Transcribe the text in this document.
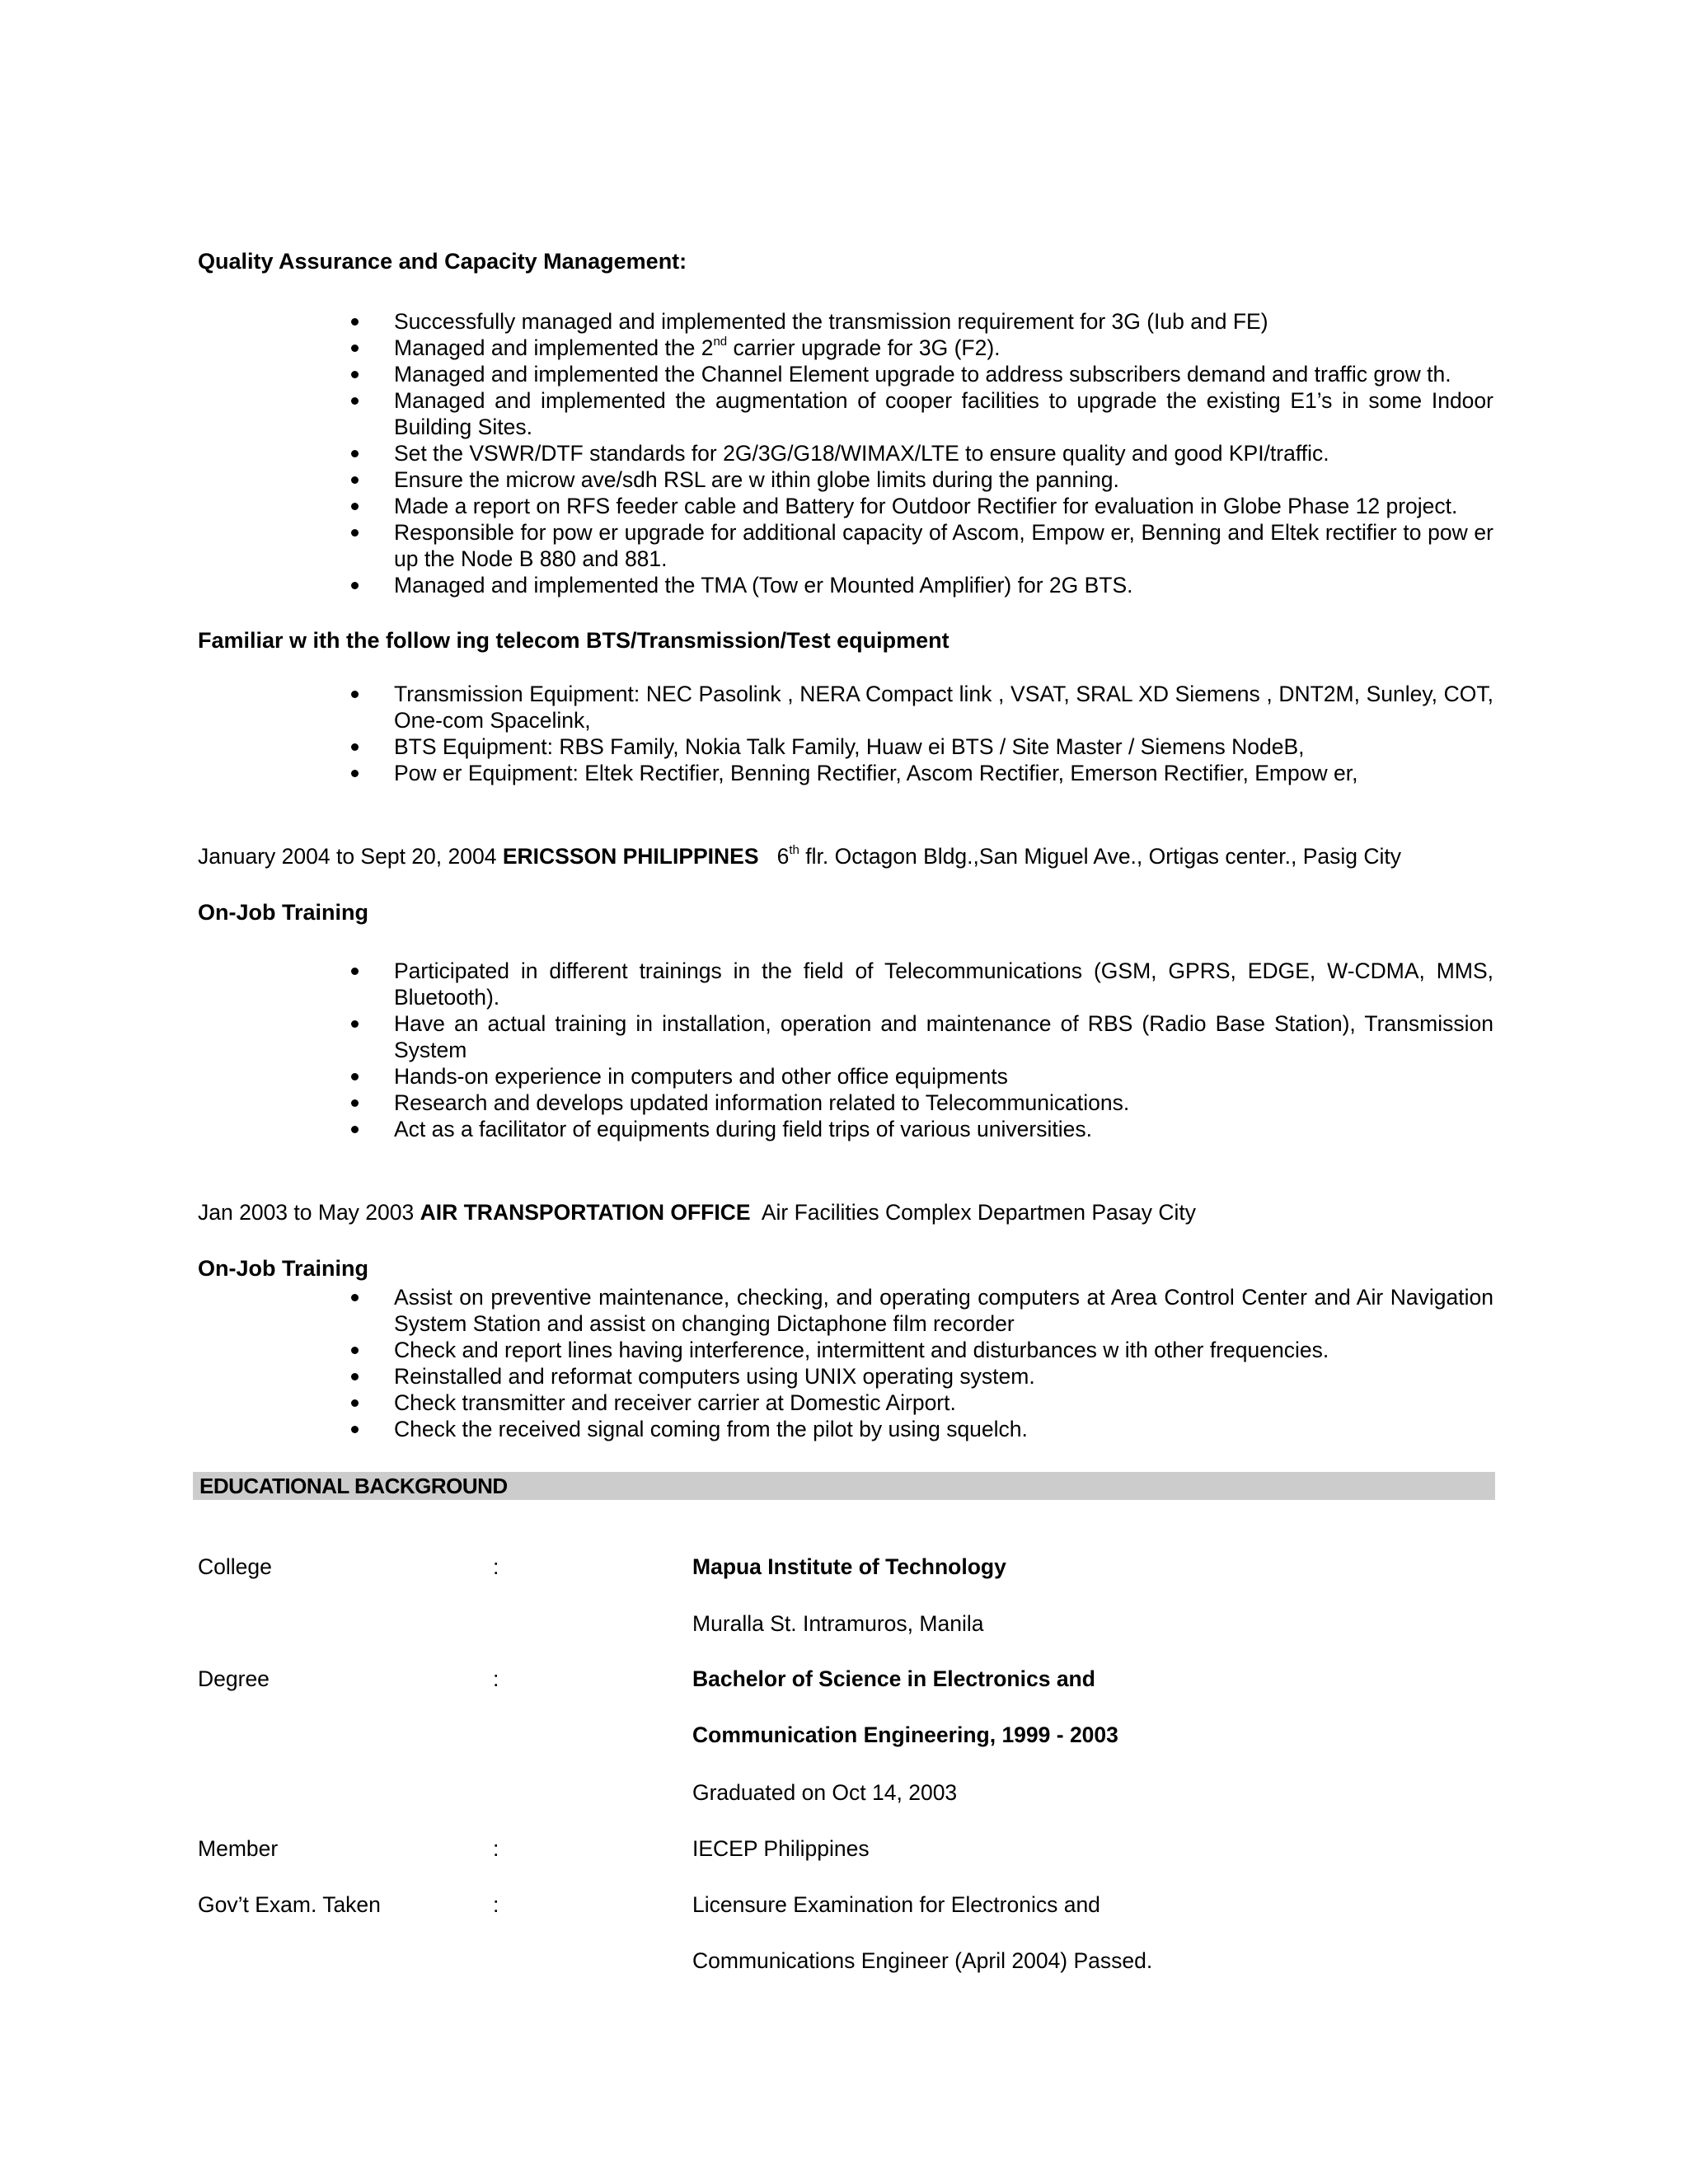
Quality Assurance and Capacity Management:
Successfully managed and implemented the transmission requirement for 3G (Iub and FE)
Managed and implemented the 2nd carrier upgrade for 3G (F2).
Managed and implemented the Channel Element upgrade to address subscribers demand and traffic grow th.
Managed and implemented the augmentation of cooper facilities to upgrade the existing E1’s in some Indoor Building Sites.
Set the VSWR/DTF standards for 2G/3G/G18/WIMAX/LTE to ensure quality and good KPI/traffic.
Ensure the microw ave/sdh RSL are w ithin globe limits during the panning.
Made a report on RFS feeder cable and Battery for Outdoor Rectifier for evaluation in Globe Phase 12 project.
Responsible for pow er upgrade for additional capacity of Ascom, Empow er, Benning and Eltek rectifier to pow er up the Node B 880 and 881.
Managed and implemented the TMA (Tow er Mounted Amplifier) for 2G BTS.
Familiar w ith the follow ing telecom BTS/Transmission/Test equipment
Transmission Equipment: NEC Pasolink , NERA Compact link , VSAT, SRAL XD Siemens , DNT2M, Sunley, COT, One-com Spacelink,
BTS Equipment: RBS Family, Nokia Talk Family, Huaw ei BTS / Site Master / Siemens NodeB,
Pow er Equipment: Eltek Rectifier, Benning Rectifier, Ascom Rectifier, Emerson Rectifier, Empow er,
January 2004 to Sept 20, 2004 ERICSSON PHILIPPINES 6th flr. Octagon Bldg.,San Miguel Ave., Ortigas center., Pasig City
On-Job Training
Participated in different trainings in the field of Telecommunications (GSM, GPRS, EDGE, W-CDMA, MMS, Bluetooth).
Have an actual training in installation, operation and maintenance of RBS (Radio Base Station), Transmission System
Hands-on experience in computers and other office equipments
Research and develops updated information related to Telecommunications.
Act as a facilitator of equipments during field trips of various universities.
Jan 2003 to May 2003 AIR TRANSPORTATION OFFICE Air Facilities Complex Departmen Pasay City
On-Job Training
Assist on preventive maintenance, checking, and operating computers at Area Control Center and Air Navigation System Station and assist on changing Dictaphone film recorder
Check and report lines having interference, intermittent and disturbances w ith other frequencies.
Reinstalled and reformat computers using UNIX operating system.
Check transmitter and receiver carrier at Domestic Airport.
Check the received signal coming from the pilot by using squelch.
EDUCATIONAL BACKGROUND
College	:	Mapua Institute of Technology
Muralla St. Intramuros, Manila
Degree	:	Bachelor of Science in Electronics and
Communication Engineering, 1999 - 2003
Graduated on Oct 14, 2003
Member	:	IECEP Philippines
Gov’t Exam. Taken	:	Licensure Examination for Electronics and
Communications Engineer (April 2004) Passed.
